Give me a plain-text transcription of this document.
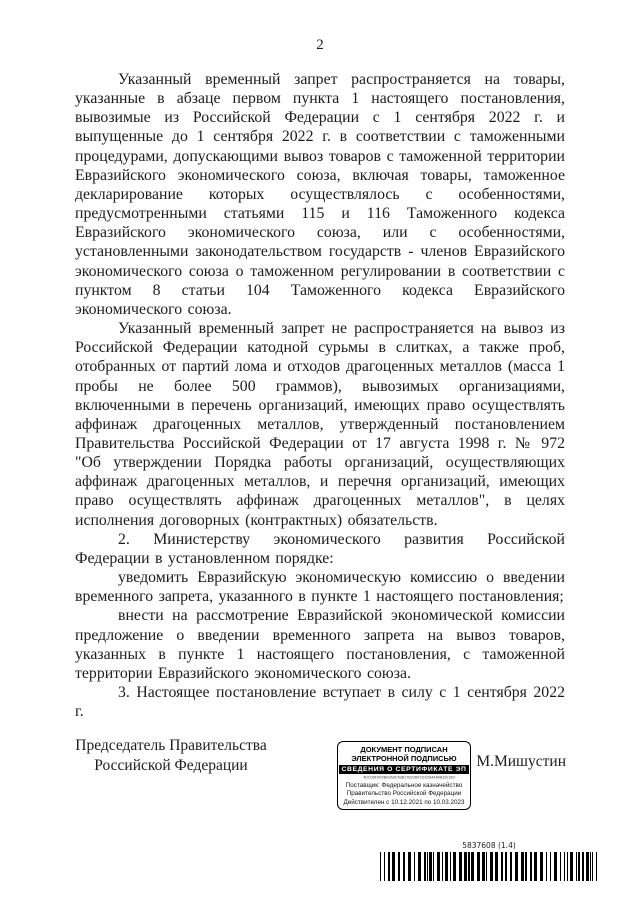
2

Указанный временный запрет распространяется на товары, указанные в абзаце первом пункта 1 настоящего постановления, вывозимые из Российской Федерации с 1 сентября 2022 г. и выпущенные до 1 сентября 2022 г. в соответствии с таможенными процедурами, допускающими вывоз товаров с таможенной территории Евразийского экономического союза, включая товары, таможенное декларирование которых осуществлялось с особенностями, предусмотренными статьями 115 и 116 Таможенного кодекса Евразийского экономического союза, или с особенностями, установленными законодательством государств - членов Евразийского экономического союза о таможенном регулировании в соответствии с пунктом 8 статьи 104 Таможенного кодекса Евразийского экономического союза.

Указанный временный запрет не распространяется на вывоз из Российской Федерации катодной сурьмы в слитках, а также проб, отобранных от партий лома и отходов драгоценных металлов (масса 1 пробы не более 500 граммов), вывозимых организациями, включенными в перечень организаций, имеющих право осуществлять аффинаж драгоценных металлов, утвержденный постановлением Правительства Российской Федерации от 17 августа 1998 г. № 972 "Об утверждении Порядка работы организаций, осуществляющих аффинаж драгоценных металлов, и перечня организаций, имеющих право осуществлять аффинаж драгоценных металлов", в целях исполнения договорных (контрактных) обязательств.

2. Министерству экономического развития Российской Федерации в установленном порядке:

уведомить Евразийскую экономическую комиссию о введении временного запрета, указанного в пункте 1 настоящего постановления;

внести на рассмотрение Евразийской экономической комиссии предложение о введении временного запрета на вывоз товаров, указанных в пункте 1 настоящего постановления, с таможенной территории Евразийского экономического союза.

3. Настоящее постановление вступает в силу с 1 сентября 2022 г.

Председатель Правительства
Российской Федерации
ДОКУМЕНТ ПОДПИСАН
ЭЛЕКТРОННОЙ ПОДПИСЬЮ
СВЕДЕНИЯ О СЕРТИФИКАТЕ ЭП
4DC09F0D0B02A9C93B17B22BF1D3C84448B32E2E0
Поставщик: Федеральное казначейство
Правительство Российской Федерации
Действителен с 10.12.2021 по 10.03.2023
М.Мишустин
5837608 (1.4)
